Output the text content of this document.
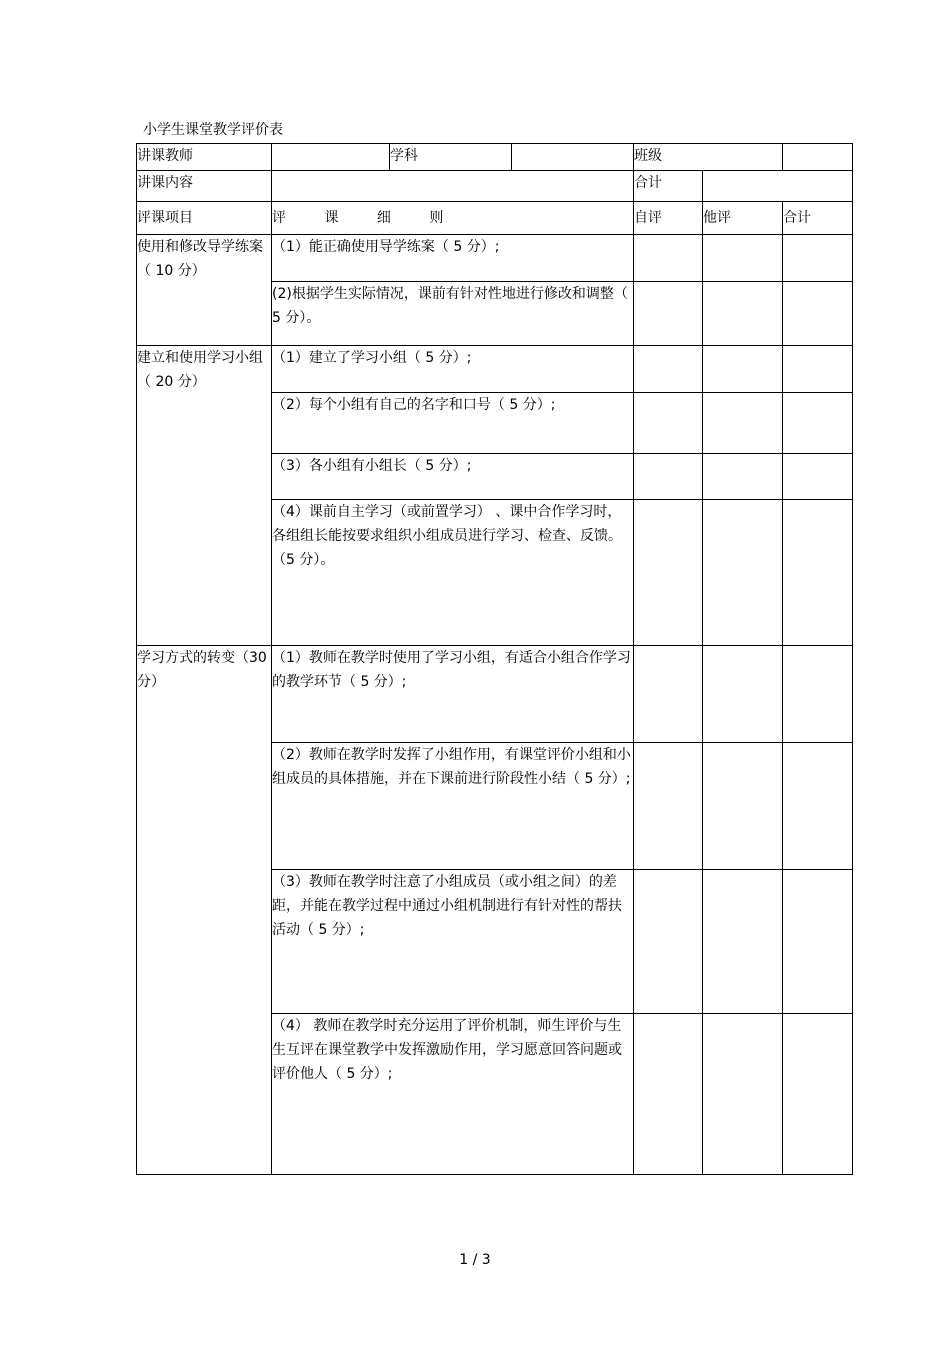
小学生课堂教学评价表
讲课教师		学科		班级		
讲课内容				合计		
评课项目	评 课 细 则			自评	他评	合计
使用和修改导学练案（ 10 分）	（1）能正确使用导学练案（ 5 分）;					
	(2)根据学生实际情况，课前有针对性地进行修改和调整（ 5 分）。					
建立和使用学习小组（ 20 分）	（1）建立了学习小组（ 5 分）;					
	（2）每个小组有自己的名字和口号（ 5 分）;					
	（3）各小组有小组长（ 5 分）;					
	（4）课前自主学习（或前置学习） 、课中合作学习时，各组组长能按要求组织小组成员进行学习、检查、反馈。 （5 分）。					
学习方式的转变（30 分）	（1）教师在教学时使用了学习小组，有适合小组合作学习的教学环节（ 5 分）;					
	（2）教师在教学时发挥了小组作用，有课堂评价小组和小组成员的具体措施，并在下课前进行阶段性小结（ 5 分）;					
	（3）教师在教学时注意了小组成员（或小组之间）的差距，并能在教学过程中通过小组机制进行有针对性的帮扶活动（ 5 分）;					
	（4） 教师在教学时充分运用了评价机制，师生评价与生生互评在课堂教学中发挥激励作用，学习愿意回答问题或评价他人（ 5 分）;					
1 / 3
